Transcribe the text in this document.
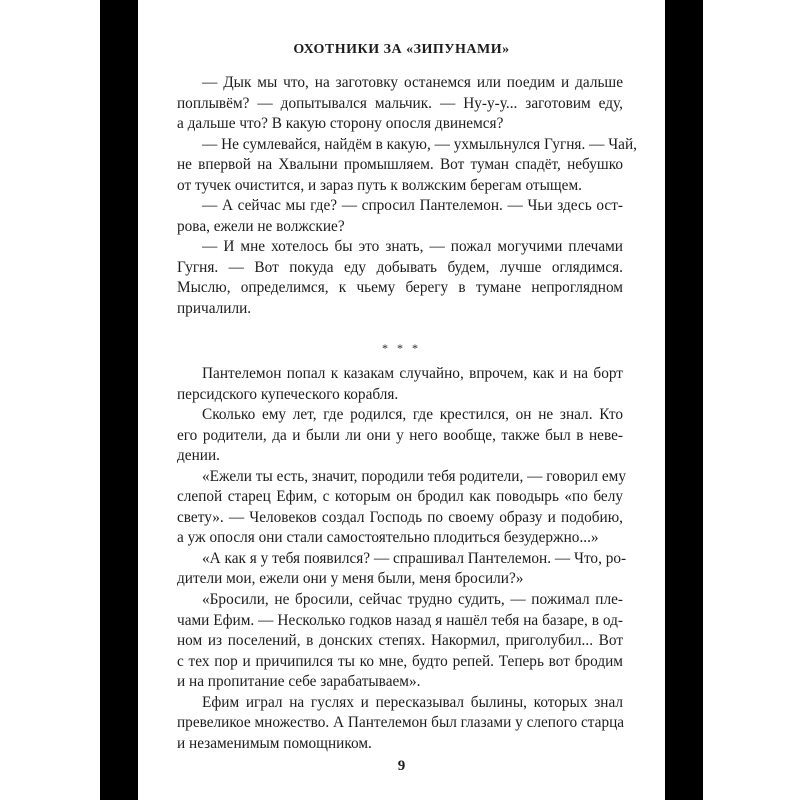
ОХОТНИКИ ЗА «ЗИПУНАМИ»
— Дык мы что, на заготовку останемся или поедим и дальше
поплывём? — допытывался мальчик. — Ну-у-у... заготовим еду,
а дальше что? В какую сторону опосля двинемся?
— Не сумлевайся, найдём в какую, — ухмыльнулся Гугня. — Чай,
не впервой на Хвалыни промышляем. Вот туман спадёт, небушко
от тучек очистится, и зараз путь к волжским берегам отыщем.
— А сейчас мы где? — спросил Пантелемон. — Чьи здесь ост-
рова, ежели не волжские?
— И мне хотелось бы это знать, — пожал могучими плечами
Гугня. — Вот покуда еду добывать будем, лучше оглядимся.
Мыслю, определимся, к чьему берегу в тумане непроглядном
причалили.
* * *
Пантелемон попал к казакам случайно, впрочем, как и на борт
персидского купеческого корабля.
Сколько ему лет, где родился, где крестился, он не знал. Кто
его родители, да и были ли они у него вообще, также был в неве-
дении.
«Ежели ты есть, значит, породили тебя родители, — говорил ему
слепой старец Ефим, с которым он бродил как поводырь «по белу
свету». — Человеков создал Господь по своему образу и подобию,
а уж опосля они стали самостоятельно плодиться безудержно...»
«А как я у тебя появился? — спрашивал Пантелемон. — Что, ро-
дители мои, ежели они у меня были, меня бросили?»
«Бросили, не бросили, сейчас трудно судить, — пожимал пле-
чами Ефим. — Несколько годков назад я нашёл тебя на базаре, в од-
ном из поселений, в донских степях. Накормил, приголубил... Вот
с тех пор и причипился ты ко мне, будто репей. Теперь вот бродим
и на пропитание себе зарабатываем».
Ефим играл на гуслях и пересказывал былины, которых знал
превеликое множество. А Пантелемон был глазами у слепого старца
и незаменимым помощником.
9
